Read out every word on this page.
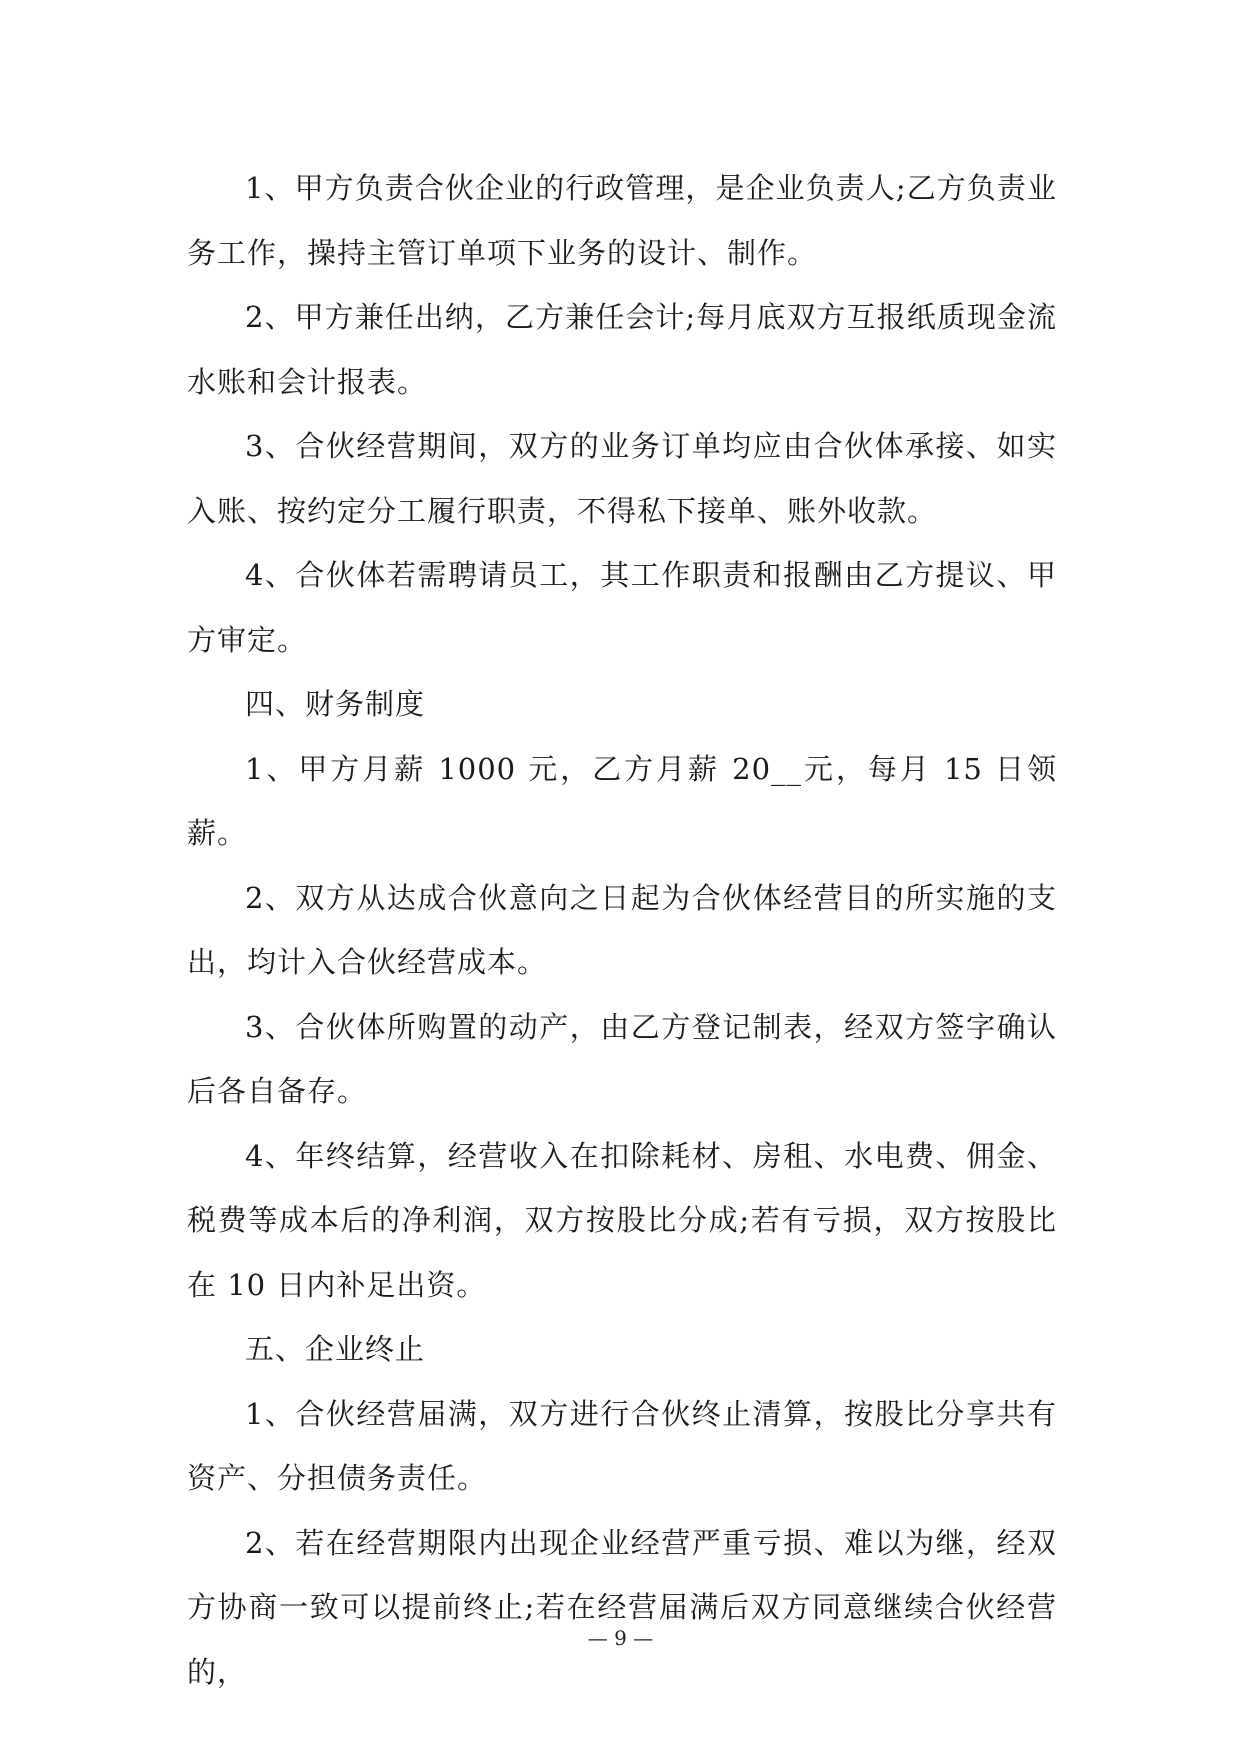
1、甲方负责合伙企业的行政管理，是企业负责人;乙方负责业务工作，操持主管订单项下业务的设计、制作。

2、甲方兼任出纳，乙方兼任会计;每月底双方互报纸质现金流水账和会计报表。

3、合伙经营期间，双方的业务订单均应由合伙体承接、如实入账、按约定分工履行职责，不得私下接单、账外收款。

4、合伙体若需聘请员工，其工作职责和报酬由乙方提议、甲方审定。

四、财务制度

1、甲方月薪 1000 元，乙方月薪 20__元，每月 15 日领薪。

2、双方从达成合伙意向之日起为合伙体经营目的所实施的支出，均计入合伙经营成本。

3、合伙体所购置的动产，由乙方登记制表，经双方签字确认后各自备存。

4、年终结算，经营收入在扣除耗材、房租、水电费、佣金、税费等成本后的净利润，双方按股比分成;若有亏损，双方按股比在 10 日内补足出资。

五、企业终止

1、合伙经营届满，双方进行合伙终止清算，按股比分享共有资产、分担债务责任。

2、若在经营期限内出现企业经营严重亏损、难以为继，经双方协商一致可以提前终止;若在经营届满后双方同意继续合伙经营的，

— 9 —
